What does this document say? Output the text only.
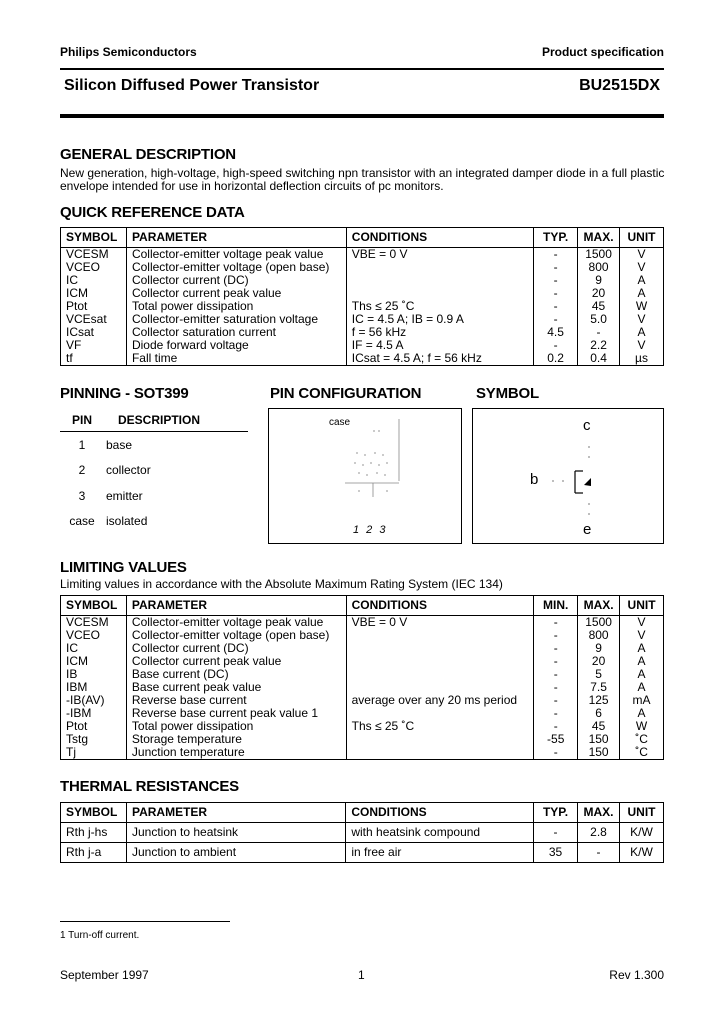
Philips Semiconductors	Product specification
Silicon Diffused Power Transistor	BU2515DX
GENERAL DESCRIPTION
New generation, high-voltage, high-speed switching npn transistor with an integrated damper diode in a full plastic
envelope intended for use in horizontal deflection circuits of pc monitors.
QUICK REFERENCE DATA
SYMBOL	PARAMETER	CONDITIONS	TYP.	MAX.	UNIT
VCESM	Collector-emitter voltage peak value	VBE = 0 V	-	1500	V
VCEO	Collector-emitter voltage (open base)		-	800	V
IC	Collector current (DC)		-	9	A
ICM	Collector current peak value		-	20	A
Ptot	Total power dissipation	Ths ≤ 25 ˚C	-	45	W
VCEsat	Collector-emitter saturation voltage	IC = 4.5 A; IB = 0.9 A	-	5.0	V
ICsat	Collector saturation current	f = 56 kHz	4.5	-	A
VF	Diode forward voltage	IF = 4.5 A	-	2.2	V
tf	Fall time	ICsat = 4.5 A; f = 56 kHz	0.2	0.4	µs
PINNING - SOT399	PIN CONFIGURATION	SYMBOL
PIN	DESCRIPTION
1	base
2	collector
3	emitter
case isolated
case
1 2 3
c
b
e
LIMITING VALUES
Limiting values in accordance with the Absolute Maximum Rating System (IEC 134)
SYMBOL	PARAMETER	CONDITIONS	MIN.	MAX.	UNIT
VCESM	Collector-emitter voltage peak value	VBE = 0 V	-	1500	V
VCEO	Collector-emitter voltage (open base)		-	800	V
IC	Collector current (DC)		-	9	A
ICM	Collector current peak value		-	20	A
IB	Base current (DC)		-	5	A
IBM	Base current peak value		-	7.5	A
-IB(AV)	Reverse base current	average over any 20 ms period	-	125	mA
-IBM	Reverse base current peak value 1		-	6	A
Ptot	Total power dissipation	Ths ≤ 25 ˚C	-	45	W
Tstg	Storage temperature		-55	150	˚C
Tj	Junction temperature		-	150	˚C
THERMAL RESISTANCES
SYMBOL	PARAMETER	CONDITIONS	TYP.	MAX.	UNIT
Rth j-hs	Junction to heatsink	with heatsink compound	-	2.8	K/W
Rth j-a	Junction to ambient	in free air	35	-	K/W
1 Turn-off current.
September 1997	1	Rev 1.300
